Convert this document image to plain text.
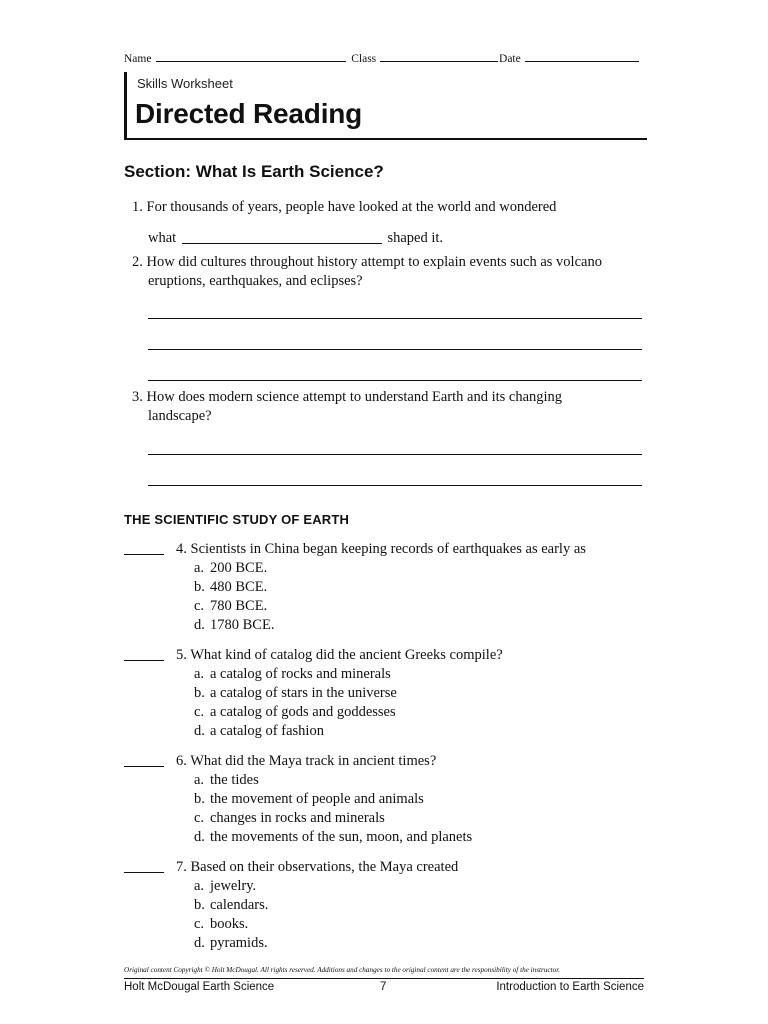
Name	Class	Date
Skills Worksheet
Directed Reading
Section: What Is Earth Science?
1. For thousands of years, people have looked at the world and wondered
what	shaped it.
2. How did cultures throughout history attempt to explain events such as volcano
eruptions, earthquakes, and eclipses?
3. How does modern science attempt to understand Earth and its changing
landscape?
THE SCIENTIFIC STUDY OF EARTH
4. Scientists in China began keeping records of earthquakes as early as
a. 200 BCE.
b. 480 BCE.
c. 780 BCE.
d. 1780 BCE.
5. What kind of catalog did the ancient Greeks compile?
a. a catalog of rocks and minerals
b. a catalog of stars in the universe
c. a catalog of gods and goddesses
d. a catalog of fashion
6. What did the Maya track in ancient times?
a. the tides
b. the movement of people and animals
c. changes in rocks and minerals
d. the movements of the sun, moon, and planets
7. Based on their observations, the Maya created
a. jewelry.
b. calendars.
c. books.
d. pyramids.
Original content Copyright © Holt McDougal. All rights reserved. Additions and changes to the original content are the responsibility of the instructor.
Holt McDougal Earth Science	7	Introduction to Earth Science
